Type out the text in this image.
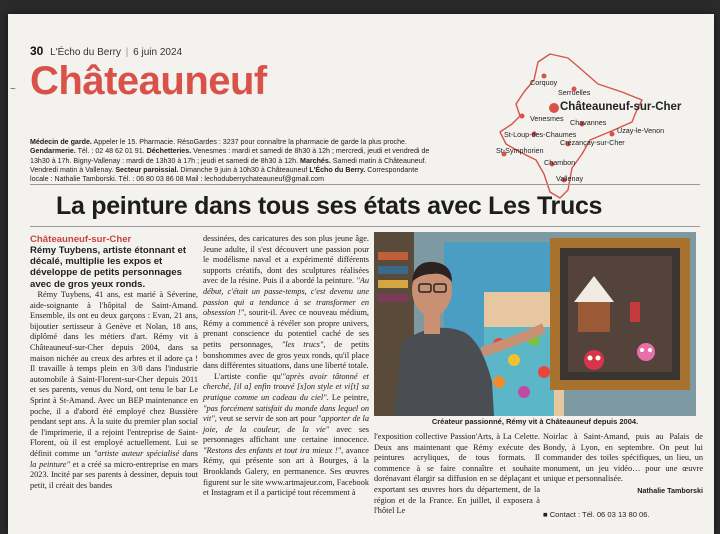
30 L'Écho du Berry | 6 juin 2024
~ Châteauneuf
Médecin de garde. Appeler le 15. Pharmacie. RésoGardes : 3237 pour connaître la pharmacie de garde la plus proche.
Gendarmerie. Tél. : 02 48 62 01 91. Déchetteries. Venesmes : mardi et samedi de 8h30 à 12h ; mercredi, jeudi et vendredi de
13h30 à 17h. Bigny-Vallenay : mardi de 13h30 à 17h ; jeudi et samedi de 8h30 à 12h. Marchés. Samedi matin à Châteauneuf.
Vendredi matin à Vallenay. Secteur paroissial. Dimanche 9 juin à 10h30 à Châteauneuf L'Écho du Berry. Correspondante
locale : Nathalie Tamborski. Tél. : 06 80 03 86 08 Mail : lechoduberrychateauneuf@gmail.com
Corquoy
Serruelles
Châteauneuf-sur-Cher
Venesmes Chavannes
Uzay-le-Venon
St-Loup-des-Chaumes
Crézançay-sur-Cher
St-Symphorien
Chambon
Vallenay
La peinture dans tous ses états avec Les Trucs
Châteauneuf-sur-Cher
Rémy Tuybens, artiste étonnant et décalé, multiplie les expos et développe de petits personnages avec de gros yeux ronds.

Rémy Tuybens, 41 ans, est marié à Séverine, aide-soignante à l'hôpital de Saint-Amand. Ensemble, ils ont eu deux garçons : Evan, 21 ans, bijoutier sertisseur à Genève et Nolan, 18 ans, diplômé dans les métiers d'art. Rémy vit à Châteauneuf-sur-Cher depuis 2004, dans sa maison nichée au creux des arbres et il adore ça ! Il travaille à temps plein en 3/8 dans l'industrie automobile à Saint-Florent-sur-Cher depuis 2011 et ses parents, venus du Nord, ont tenu le bar Le Sprint à St-Amand. Avec un BEP maintenance en poche, il a d'abord été employé chez Bussière pendant sept ans. À la suite du premier plan social de l'imprimerie, il a rejoint l'entreprise de Saint-Florent, où il est employé actuellement. Lui se définit comme un "artiste auteur spécialisé dans la peinture" et a créé sa micro-entreprise en mars 2023. Incité par ses parents à dessiner, depuis tout petit, il créait des bandes

dessinées, des caricatures des son plus jeune âge. Jeune adulte, il s'est découvert une passion pour le modélisme naval et a expérimenté différents supports créatifs, dont des sculptures réalisées avec de la résine. Puis il a abordé la peinture. "Au début, c'était un passe-temps, c'est devenu une passion qui a tendance à se transformer en obsession !", sourit-il. Avec ce nouveau médium, Rémy a commencé à révéler son propre univers, prenant conscience du potentiel caché de ses petits personnages, "les trucs", de petits bonshommes avec de gros yeux ronds, qu'il place dans différentes situations, dans une liberté totale.

L'artiste confie qu'"après avoir tâtonné et cherché, [il a] enfin trouvé [s]on style et vi[t] sa pratique comme un cadeau du ciel". Le peintre, "pas forcément satisfait du monde dans lequel on vit", veut se servir de son art pour "apporter de la joie, de la couleur, de la vie" avec ses personnages affichant une certaine innocence. "Restons des enfants et tout ira mieux !", avance Rémy, qui présente son art à Bourges, à la Brooklands Galery, en permanence. Ses œuvres figurent sur le site www.artmajeur.com, Facebook et Instagram et il a participé tout récemment à

Créateur passionné, Rémy vit à Châteauneuf depuis 2004.

l'exposition collective Passion'Arts, à La Celette. Deux ans maintenant que Rémy exécute des peintures acryliques, de tous formats. Il commence à se faire connaître et souhaite dorénavant élargir sa diffusion en se déplaçant et exportant ses œuvres hors du département, de la région et de la France. En juillet, il exposera à l'hôtel Le

Noirlac à Saint-Amand, puis au Palais de Bondy, à Lyon, en septembre. On peut lui commander des toiles spécifiques, un lieu, un monument, un jeu vidéo… pour une œuvre unique et personnalisée.

Nathalie Tamborski
■ Contact : Tél. 06 03 13 80 06.
